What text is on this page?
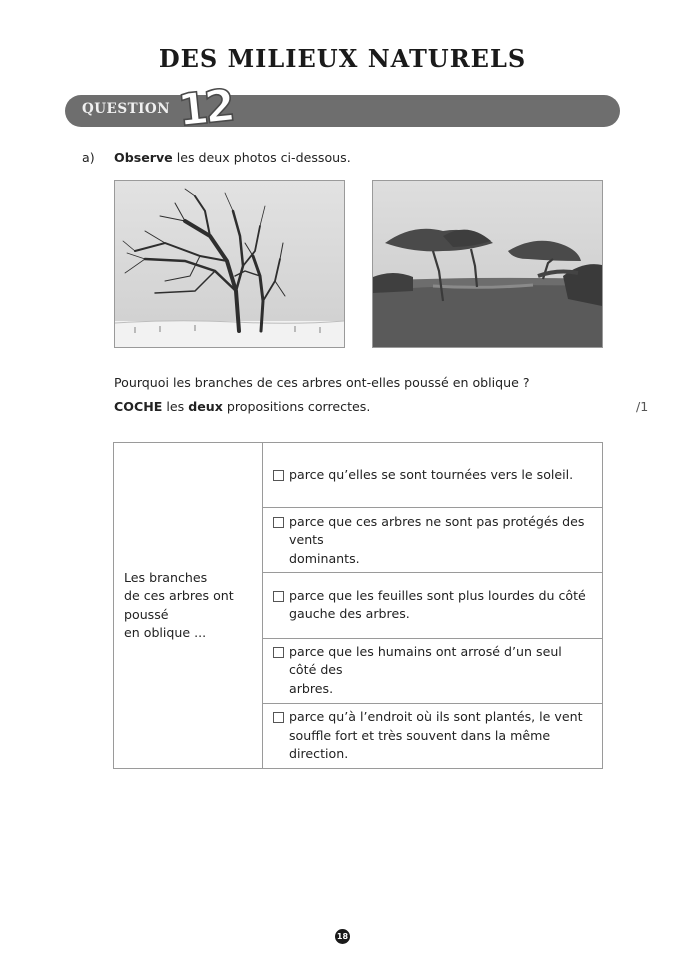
DES MILIEUX NATURELS
QUESTION 12
a) Observe les deux photos ci-dessous.
Pourquoi les branches de ces arbres ont-elles poussé en oblique ?
COCHE les deux propositions correctes.	/1
Les branches
de ces arbres ont
poussé
en oblique ...

parce qu’elles se sont tournées vers le soleil.

parce que ces arbres ne sont pas protégés des vents
dominants.

parce que les feuilles sont plus lourdes du côté
gauche des arbres.

parce que les humains ont arrosé d’un seul côté des
arbres.

parce qu’à l’endroit où ils sont plantés, le vent
souffle fort et très souvent dans la même direction.
18
